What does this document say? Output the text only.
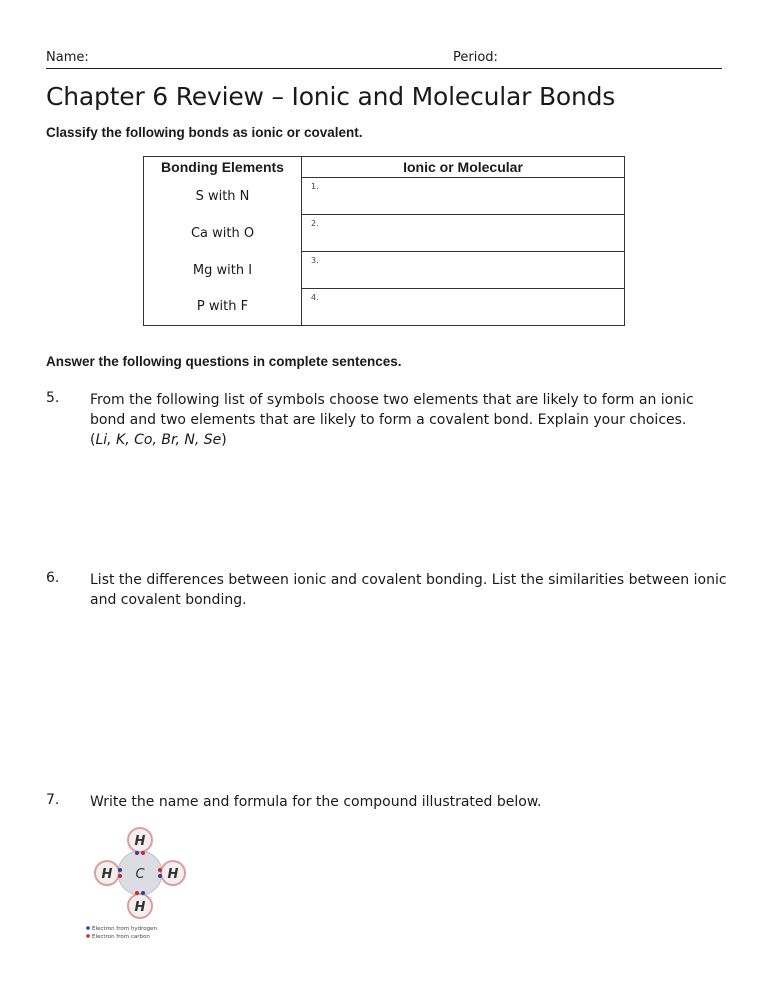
Name:	Period:
Chapter 6 Review – Ionic and Molecular Bonds
Classify the following bonds as ionic or covalent.
Bonding Elements	Ionic or Molecular
S with N	1.

Ca with O	2.

Mg with I	3.

P with F	4.
Answer the following questions in complete sentences.
5. From the following list of symbols choose two elements that are likely to form an ionic bond and two elements that are likely to form a covalent bond. Explain your choices.
(Li, K, Co, Br, N, Se)
6. List the differences between ionic and covalent bonding. List the similarities between ionic and covalent bonding.
7. Write the name and formula for the compound illustrated below.
H
H C H
H
Electron from hydrogen
Electron from carbon
